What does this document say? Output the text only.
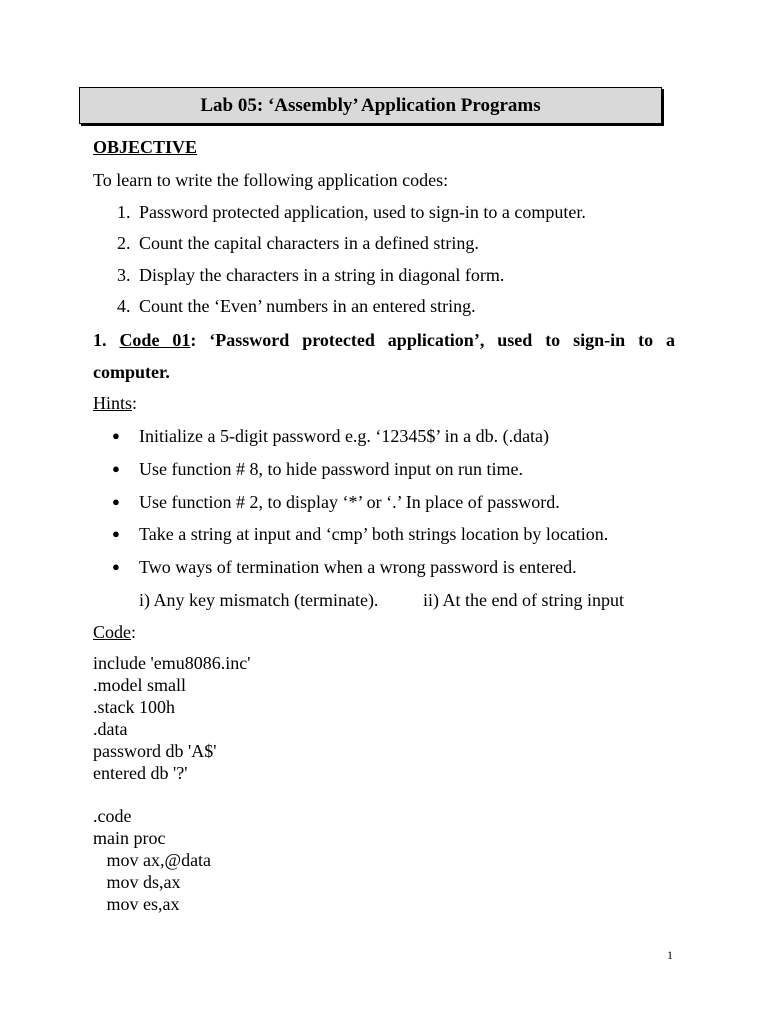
Lab 05: ‘Assembly’ Application Programs
OBJECTIVE
To learn to write the following application codes:
1. Password protected application, used to sign-in to a computer.
2. Count the capital characters in a defined string.
3. Display the characters in a string in diagonal form.
4. Count the ‘Even’ numbers in an entered string.
1. Code 01: ‘Password protected application’, used to sign-in to a
computer.
Hints:
● Initialize a 5-digit password e.g. ‘12345$’ in a db. (.data)
● Use function # 8, to hide password input on run time.
● Use function # 2, to display ‘*’ or ‘.’ In place of password.
● Take a string at input and ‘cmp’ both strings location by location.
● Two ways of termination when a wrong password is entered.
i) Any key mismatch (terminate). ii) At the end of string input
Code:
include 'emu8086.inc'
.model small
.stack 100h
.data
password db 'A$'
entered db '?'

.code
main proc
mov ax,@data
mov ds,ax
mov es,ax
1
